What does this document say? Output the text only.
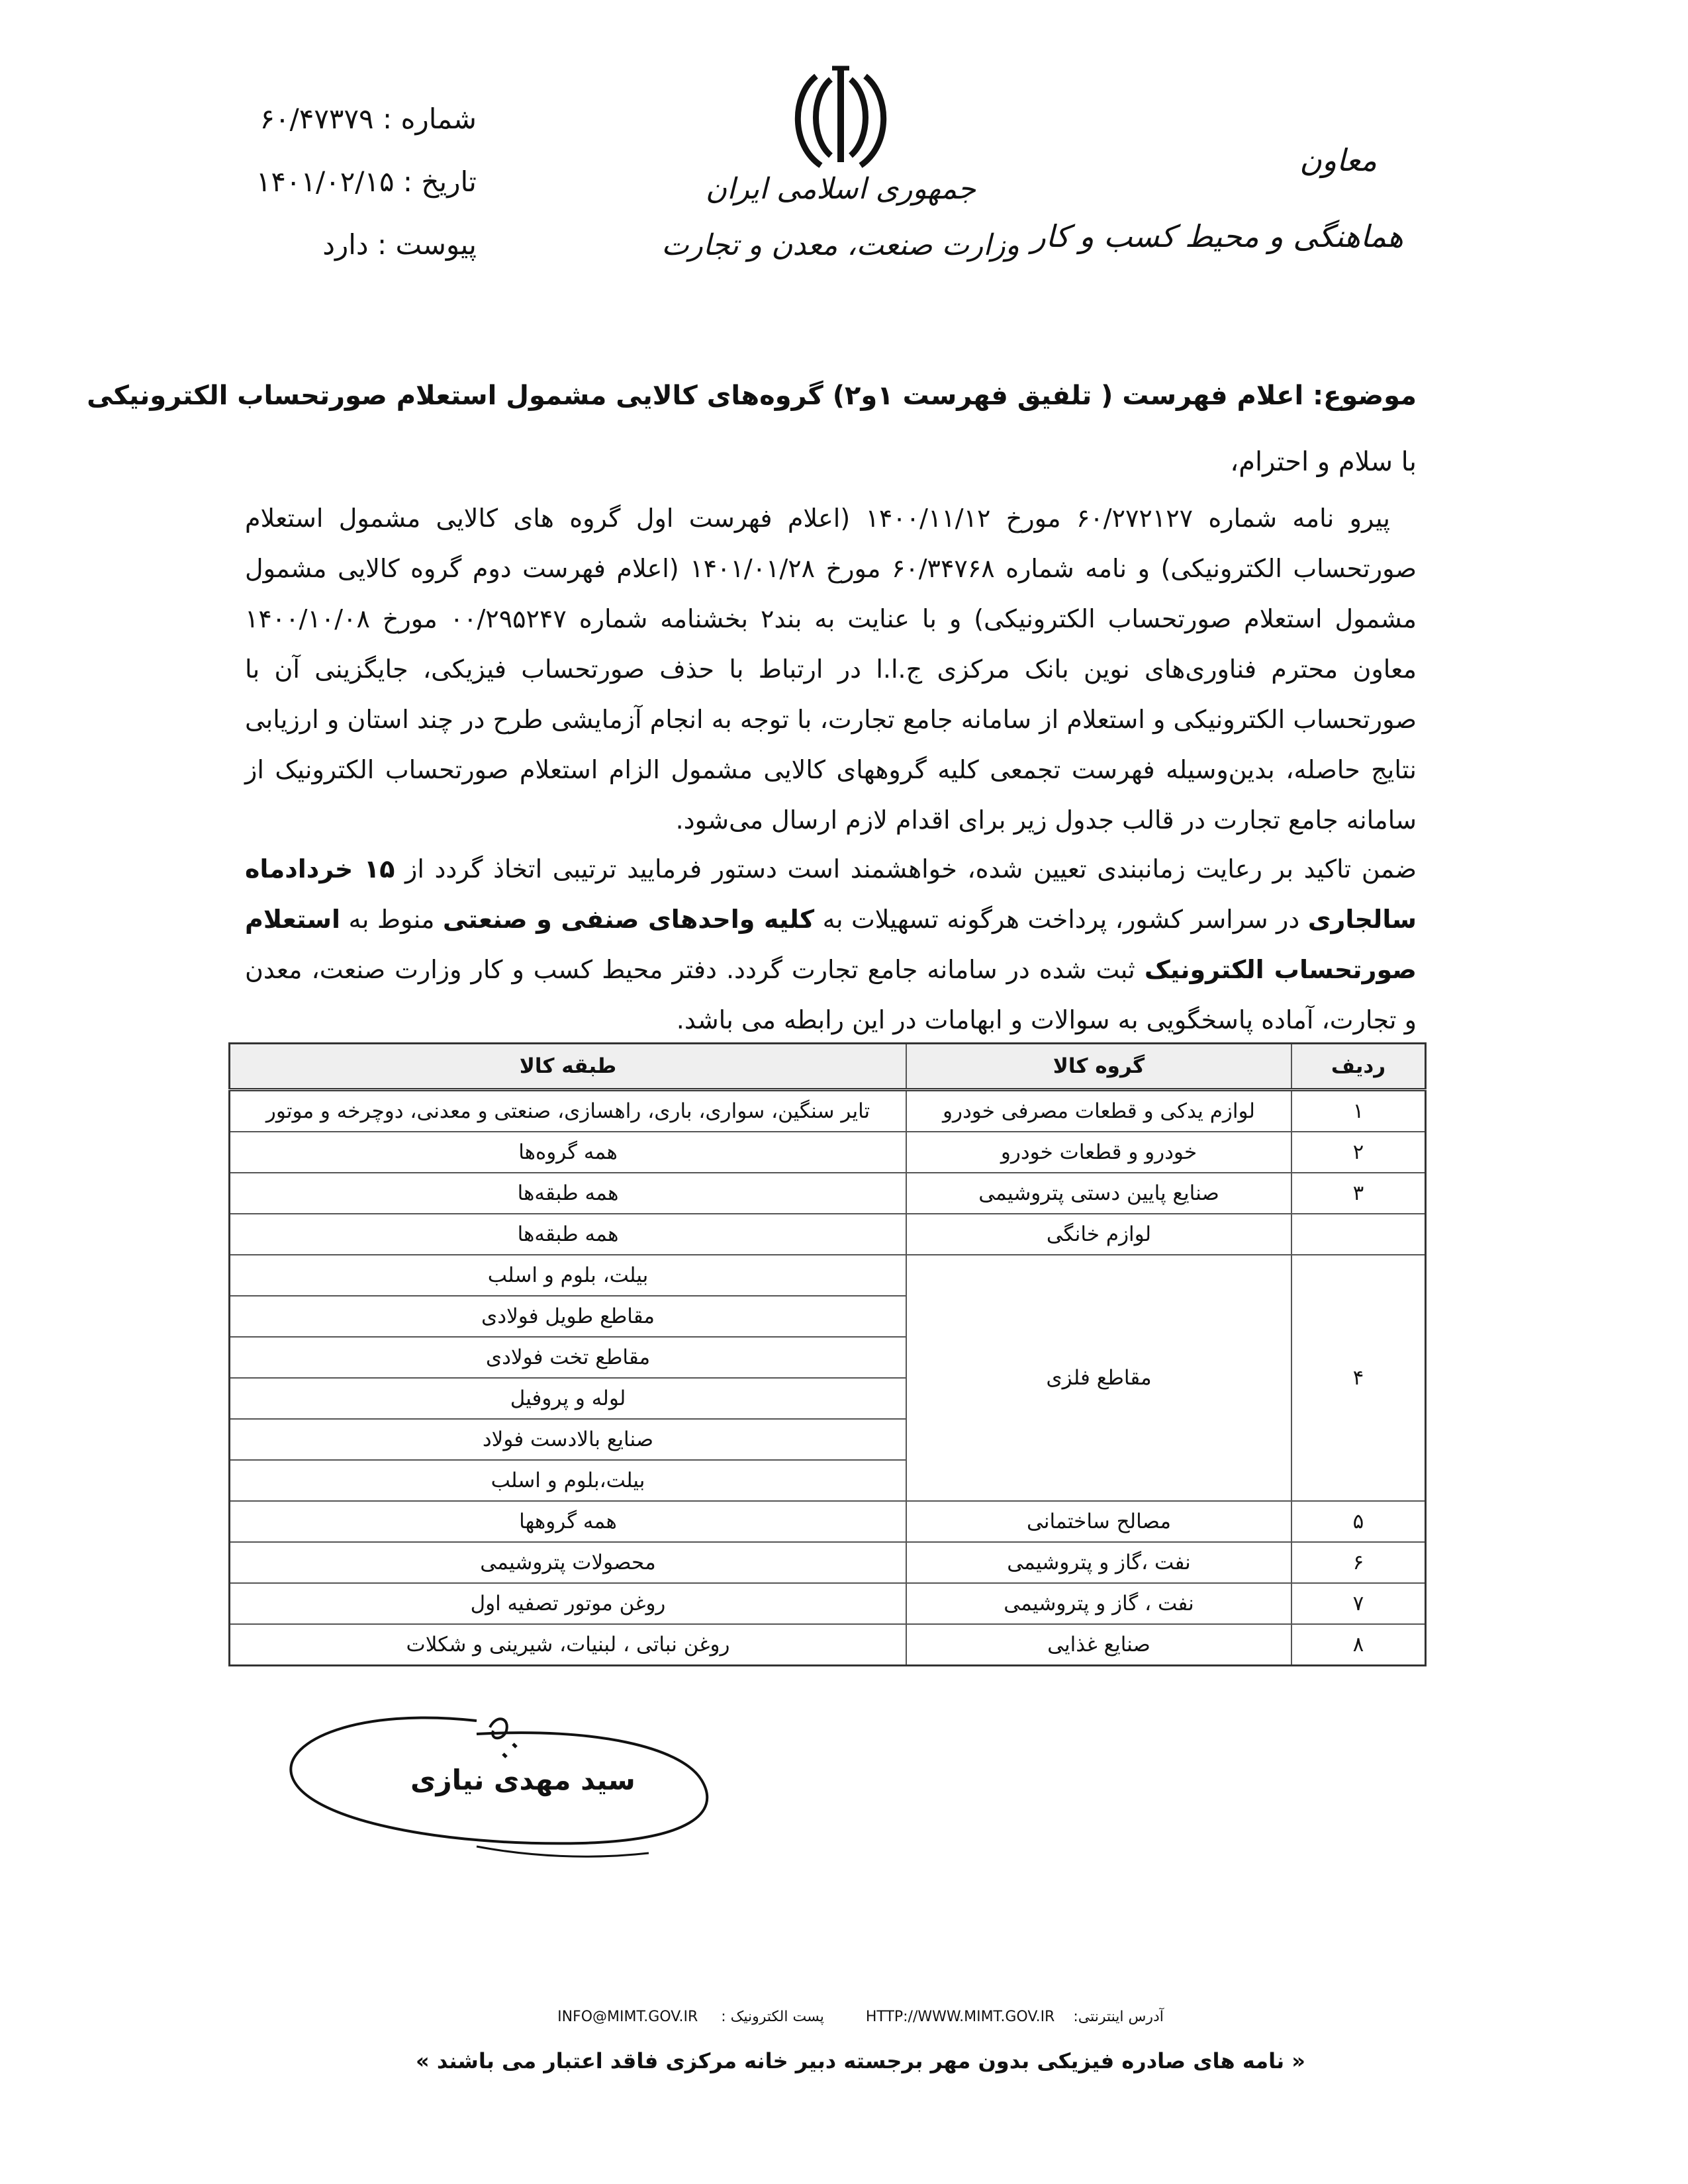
شماره : ۶۰/۴۷۳۷۹
تاریخ : ۱۴۰۱/۰۲/۱۵
پیوست : دارد
جمهوری اسلامی ایران
وزارت صنعت، معدن و تجارت
معاون
هماهنگی و محیط کسب و کار
موضوع: اعلام فهرست ( تلفیق فهرست ۱و۲) گروه‌های کالایی مشمول استعلام صورتحساب الکترونیکی
با سلام و احترام،
پیرو نامه شماره ۶۰/۲۷۲۱۲۷ مورخ ۱۴۰۰/۱۱/۱۲ (اعلام فهرست اول گروه های کالایی مشمول استعلام صورتحساب الکترونیکی) و نامه شماره ۶۰/۳۴۷۶۸ مورخ ۱۴۰۱/۰۱/۲۸ (اعلام فهرست دوم گروه کالایی مشمول مشمول استعلام صورتحساب الکترونیکی) و با عنایت به بند۲ بخشنامه شماره ۰۰/۲۹۵۲۴۷ مورخ ۱۴۰۰/۱۰/۰۸ معاون محترم فناوری‌های نوین بانک مرکزی ج.ا.ا در ارتباط با حذف صورتحساب فیزیکی، جایگزینی آن با صورتحساب الکترونیکی و استعلام از سامانه جامع تجارت، با توجه به انجام آزمایشی طرح در چند استان و ارزیابی نتایج حاصله، بدین‌وسیله فهرست تجمعی کلیه گروههای کالایی مشمول الزام استعلام صورتحساب الکترونیک از سامانه جامع تجارت در قالب جدول زیر برای اقدام لازم ارسال می‌شود.
ضمن تاکید بر رعایت زمانبندی تعیین شده، خواهشمند است دستور فرمایید ترتیبی اتخاذ گردد از ۱۵ خردادماه سالجاری در سراسر کشور، پرداخت هرگونه تسهیلات به کلیه واحدهای صنفی و صنعتی منوط به استعلام صورتحساب الکترونیک ثبت شده در سامانه جامع تجارت گردد. دفتر محیط کسب و کار وزارت صنعت، معدن و تجارت، آماده پاسخگویی به سوالات و ابهامات در این رابطه می باشد.
ردیف	گروه کالا	طبقه کالا
۱	لوازم یدکی و قطعات مصرفی خودرو	تایر سنگین، سواری، باری، راهسازی، صنعتی و معدنی، دوچرخه و موتور
۲	خودرو و قطعات خودرو	همه گروه‌ها
۳	صنایع پایین دستی پتروشیمی	همه طبقه‌ها
	لوازم خانگی	همه طبقه‌ها
۴	مقاطع فلزی	بیلت، بلوم و اسلب
		مقاطع طویل فولادی
		مقاطع تخت فولادی
		لوله و پروفیل
		صنایع بالادست فولاد
		بیلت،بلوم و اسلب
۵	مصالح ساختمانی	همه گروهها
۶	نفت ،گاز و پتروشیمی	محصولات پتروشیمی
۷	نفت ، گاز و پتروشیمی	روغن موتور تصفیه اول
۸	صنایع غذایی	روغن نباتی ، لبنیات، شیرینی و شکلات
سید مهدی نیازی
آدرس اینترنتی:HTTP://WWW.MIMT.GOV.IR پست الکترونیک : INFO@MIMT.GOV.IR
« نامه های صادره فیزیکی بدون مهر برجسته دبیر خانه مرکزی فاقد اعتبار می باشند »
